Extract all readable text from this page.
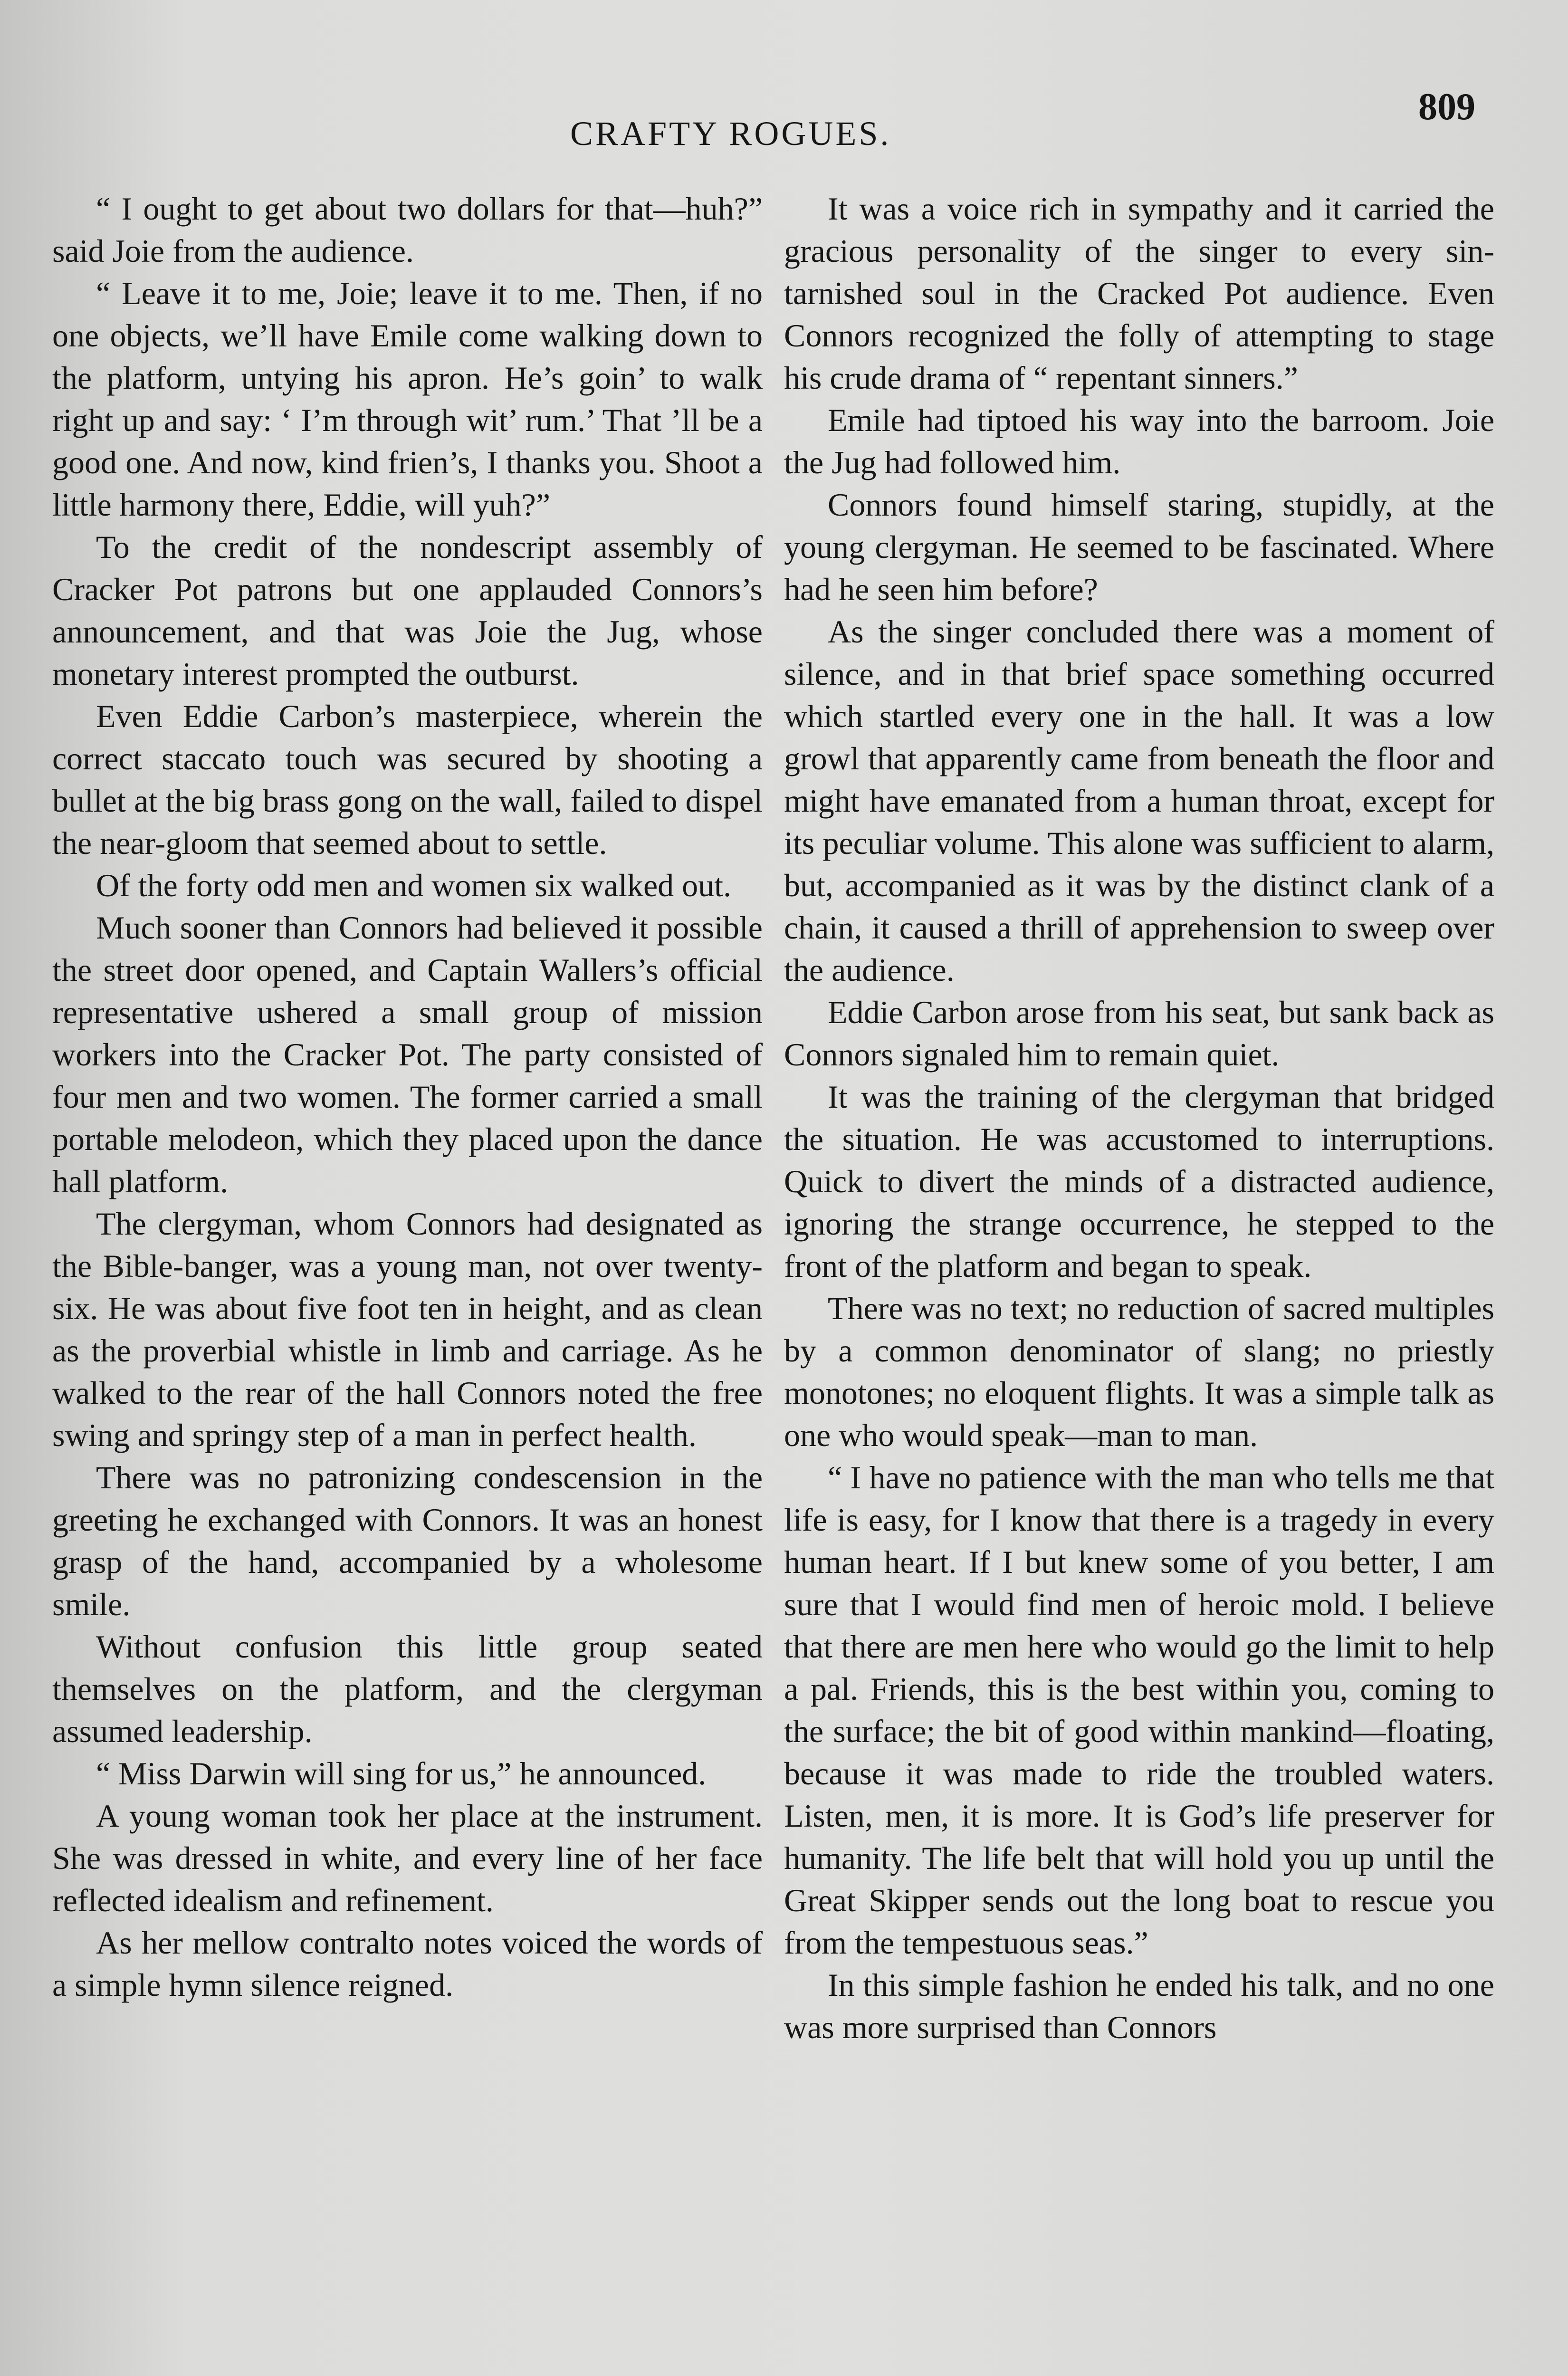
CRAFTY ROGUES.
809

“ I ought to get about two dollars for that—huh?” said Joie from the audience.

“ Leave it to me, Joie; leave it to me. Then, if no one objects, we’ll have Emile come walking down to the platform, untying his apron. He’s goin’ to walk right up and say: ‘ I’m through wit’ rum.’ That ’ll be a good one. And now, kind frien’s, I thanks you. Shoot a little harmony there, Eddie, will yuh?”

To the credit of the nondescript assembly of Cracker Pot patrons but one applauded Connors’s announcement, and that was Joie the Jug, whose monetary interest prompted the outburst.

Even Eddie Carbon’s masterpiece, wherein the correct staccato touch was secured by shooting a bullet at the big brass gong on the wall, failed to dispel the near-gloom that seemed about to settle.

Of the forty odd men and women six walked out.

Much sooner than Connors had believed it possible the street door opened, and Captain Wallers’s official representative ushered a small group of mission workers into the Cracker Pot. The party consisted of four men and two women. The former carried a small portable melodeon, which they placed upon the dance hall platform.

The clergyman, whom Connors had designated as the Bible-banger, was a young man, not over twenty-six. He was about five foot ten in height, and as clean as the proverbial whistle in limb and carriage. As he walked to the rear of the hall Connors noted the free swing and springy step of a man in perfect health.

There was no patronizing condescension in the greeting he exchanged with Connors. It was an honest grasp of the hand, accompanied by a wholesome smile.

Without confusion this little group seated themselves on the platform, and the clergyman assumed leadership.

“ Miss Darwin will sing for us,” he announced.

A young woman took her place at the instrument. She was dressed in white, and every line of her face reflected idealism and refinement.

As her mellow contralto notes voiced the words of a simple hymn silence reigned.

It was a voice rich in sympathy and it carried the gracious personality of the singer to every sin-tarnished soul in the Cracked Pot audience. Even Connors recognized the folly of attempting to stage his crude drama of “ repentant sinners.”

Emile had tiptoed his way into the barroom. Joie the Jug had followed him.

Connors found himself staring, stupidly, at the young clergyman. He seemed to be fascinated. Where had he seen him before?

As the singer concluded there was a moment of silence, and in that brief space something occurred which startled every one in the hall. It was a low growl that apparently came from beneath the floor and might have emanated from a human throat, except for its peculiar volume. This alone was sufficient to alarm, but, accompanied as it was by the distinct clank of a chain, it caused a thrill of apprehension to sweep over the audience.

Eddie Carbon arose from his seat, but sank back as Connors signaled him to remain quiet.

It was the training of the clergyman that bridged the situation. He was accustomed to interruptions. Quick to divert the minds of a distracted audience, ignoring the strange occurrence, he stepped to the front of the platform and began to speak.

There was no text; no reduction of sacred multiples by a common denominator of slang; no priestly monotones; no eloquent flights. It was a simple talk as one who would speak—man to man.

“ I have no patience with the man who tells me that life is easy, for I know that there is a tragedy in every human heart. If I but knew some of you better, I am sure that I would find men of heroic mold. I believe that there are men here who would go the limit to help a pal. Friends, this is the best within you, coming to the surface; the bit of good within mankind—floating, because it was made to ride the troubled waters. Listen, men, it is more. It is God’s life preserver for humanity. The life belt that will hold you up until the Great Skipper sends out the long boat to rescue you from the tempestuous seas.”

In this simple fashion he ended his talk, and no one was more surprised than Connors
